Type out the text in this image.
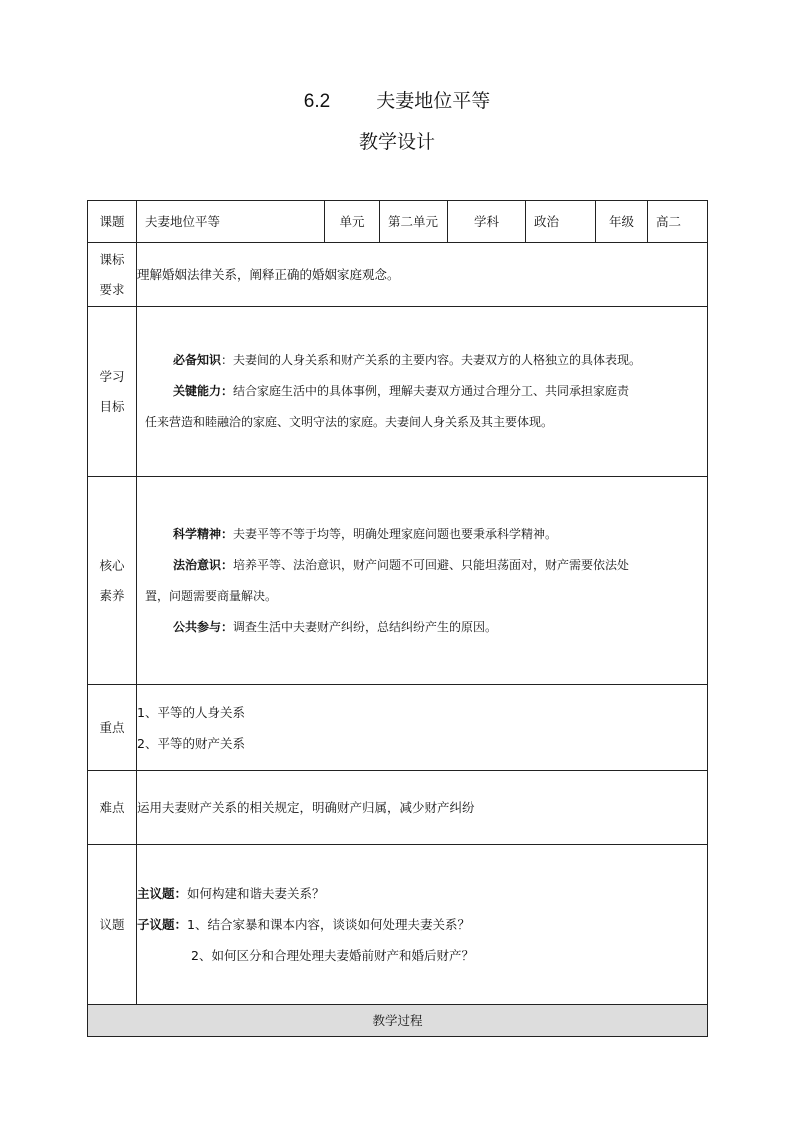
6.2 夫妻地位平等
教学设计
课题	夫妻地位平等	单元	第二单元	学科	政治	年级	高二
课标要求	理解婚姻法律关系，阐释正确的婚姻家庭观念。						
学习目标	必备知识：夫妻间的人身关系和财产关系的主要内容。夫妻双方的人格独立的具体表现。

关键能力：结合家庭生活中的具体事例，理解夫妻双方通过合理分工、共同承担家庭责

任来营造和睦融洽的家庭、文明守法的家庭。夫妻间人身关系及其主要体现。						

核心素养	科学精神：夫妻平等不等于均等，明确处理家庭问题也要秉承科学精神。

法治意识：培养平等、法治意识，财产问题不可回避、只能坦荡面对，财产需要依法处

置，问题需要商量解决。

公共参与：调查生活中夫妻财产纠纷，总结纠纷产生的原因。						

重点	1、平等的人身关系

2、平等的财产关系						

难点	运用夫妻财产关系的相关规定，明确财产归属，减少财产纠纷						
议题	主议题：如何构建和谐夫妻关系？

子议题：1、结合家暴和课本内容，谈谈如何处理夫妻关系？

2、如何区分和合理处理夫妻婚前财产和婚后财产？						

教学过程							
